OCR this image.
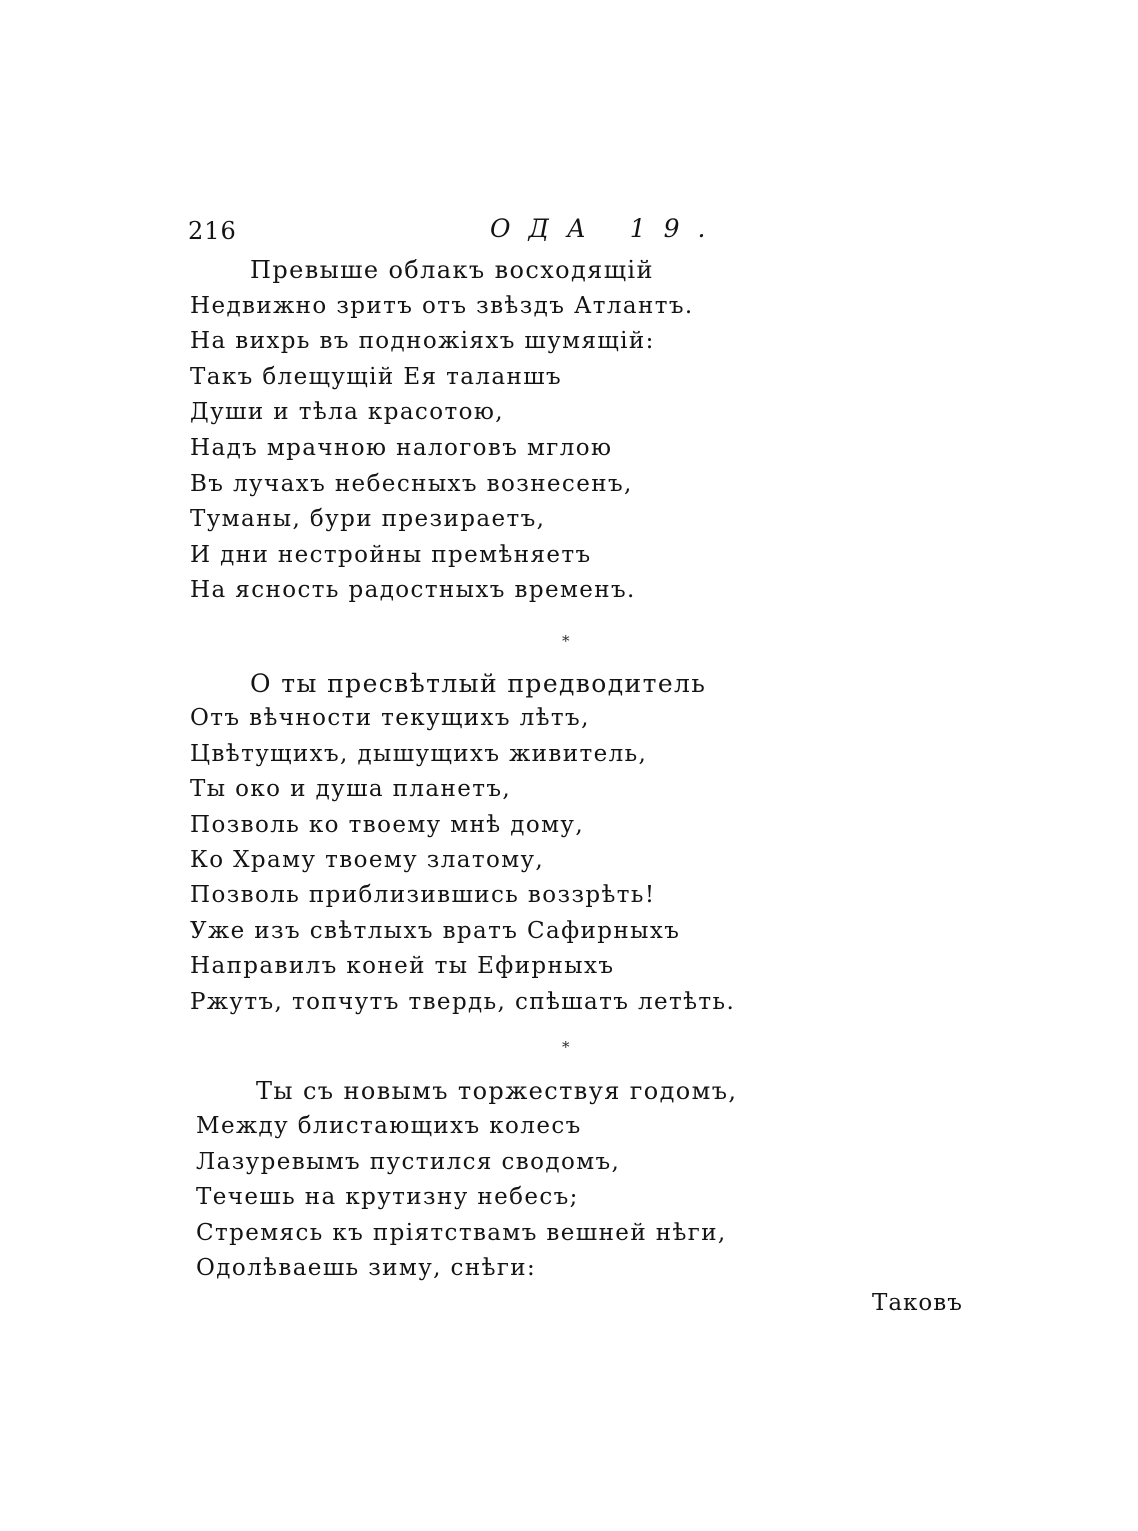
216	ОДА 19.
Превыше облакъ восходящій
Недвижно зритъ отъ звѣздъ Атлантъ.
На вихрь въ подножіяхъ шумящій:
Такъ блещущій Ея таланшъ
Души и тѣла красотою,
Надъ мрачною налоговъ мглою
Въ лучахъ небесныхъ вознесенъ,
Туманы, бури презираетъ,
И дни нестройны премѣняетъ
На ясность радостныхъ временъ.
*
О ты пресвѣтлый предводитель
Отъ вѣчности текущихъ лѣтъ,
Цвѣтущихъ, дышущихъ живитель,
Ты око и душа планетъ,
Позволь ко твоему мнѣ дому,
Ко Храму твоему златому,
Позволь приблизившись воззрѣть!
Уже изъ свѣтлыхъ вратъ Сафирныхъ
Направилъ коней ты Ефирныхъ
Ржутъ, топчутъ твердь, спѣшатъ летѣть.
*
Ты съ новымъ торжествуя годомъ,
Между блистающихъ колесъ
Лазуревымъ пустился сводомъ,
Течешь на крутизну небесъ;
Стремясь къ пріятствамъ вешней нѣги,
Одолѣваешь зиму, снѣги:
Таковъ
